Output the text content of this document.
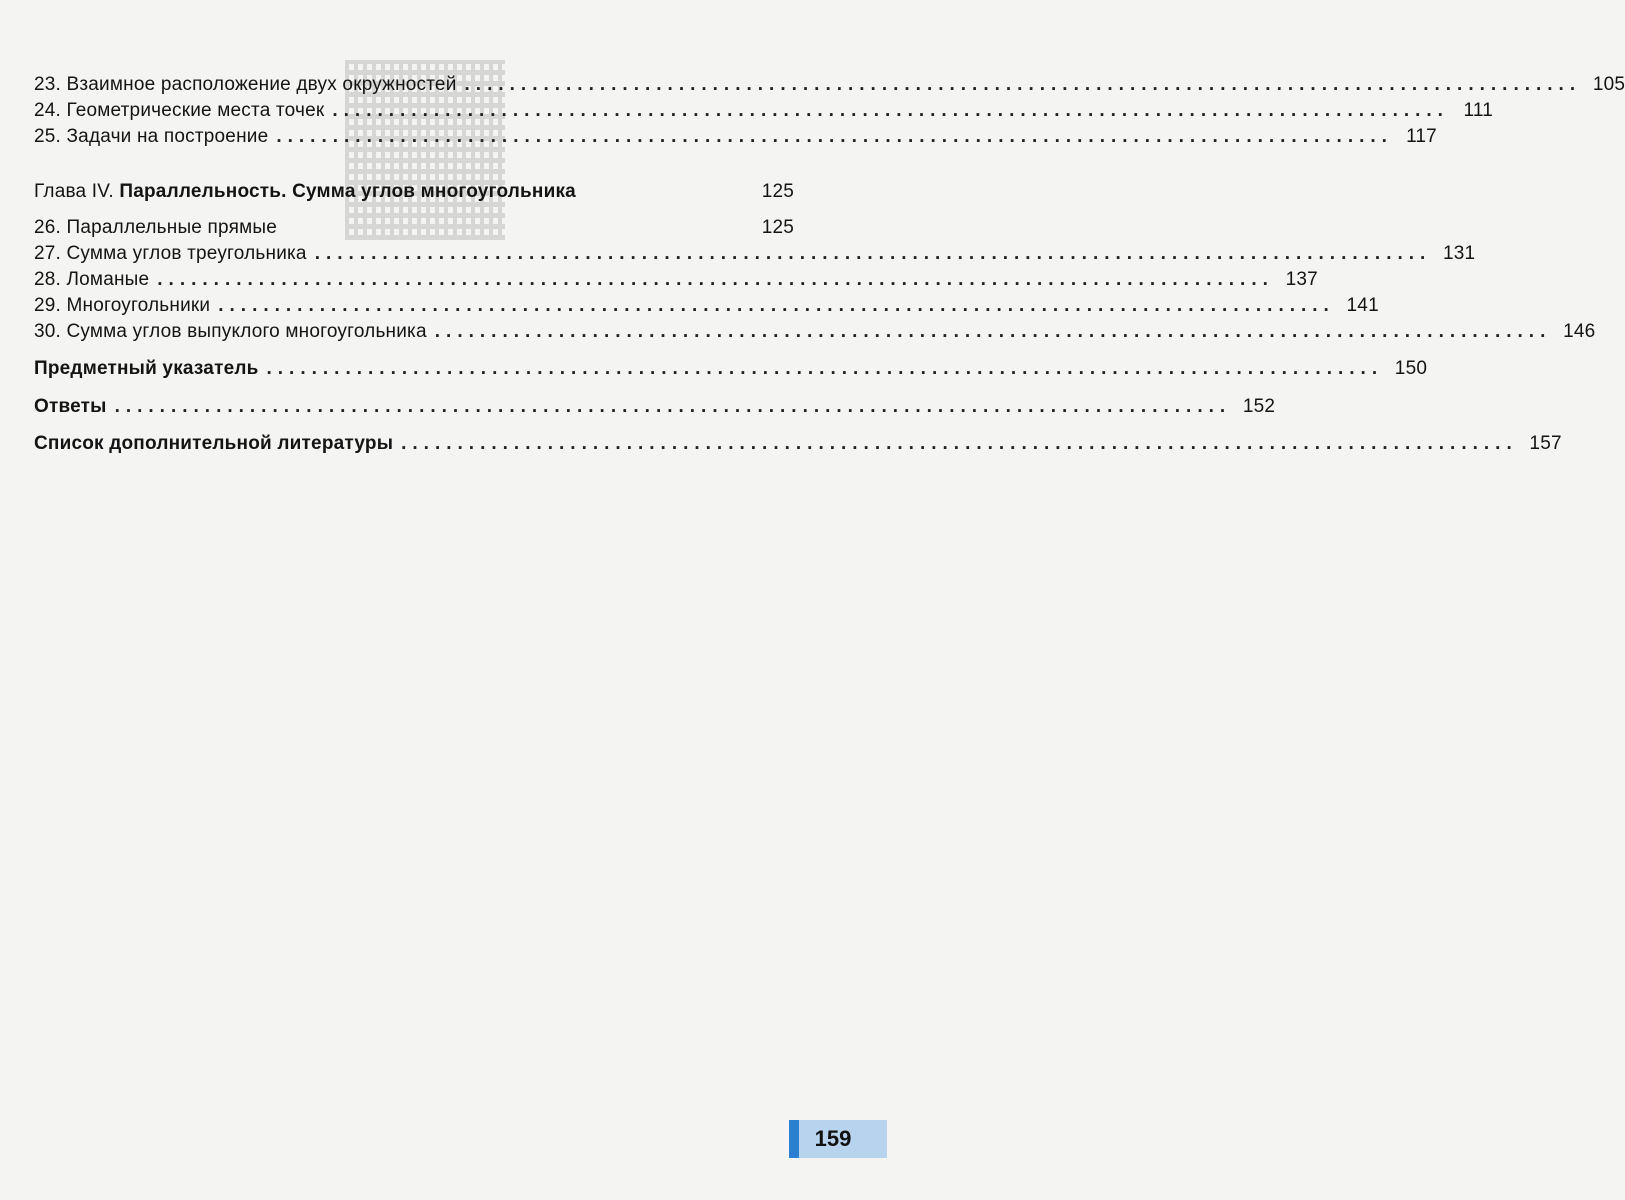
23. Взаимное расположение двух окружностей ................................................................................................... 105
24. Геометрические места точек ................................................................................................... 111
25. Задачи на построение ................................................................................................... 117
Глава IV. Параллельность. Сумма углов многоугольника	125
26. Параллельные прямые	125
27. Сумма углов треугольника ................................................................................................... 131
28. Ломаные ................................................................................................... 137
29. Многоугольники ................................................................................................... 141
30. Сумма углов выпуклого многоугольника ................................................................................................... 146
Предметный указатель ................................................................................................... 150
Ответы ................................................................................................... 152
Список дополнительной литературы ................................................................................................... 157
159
